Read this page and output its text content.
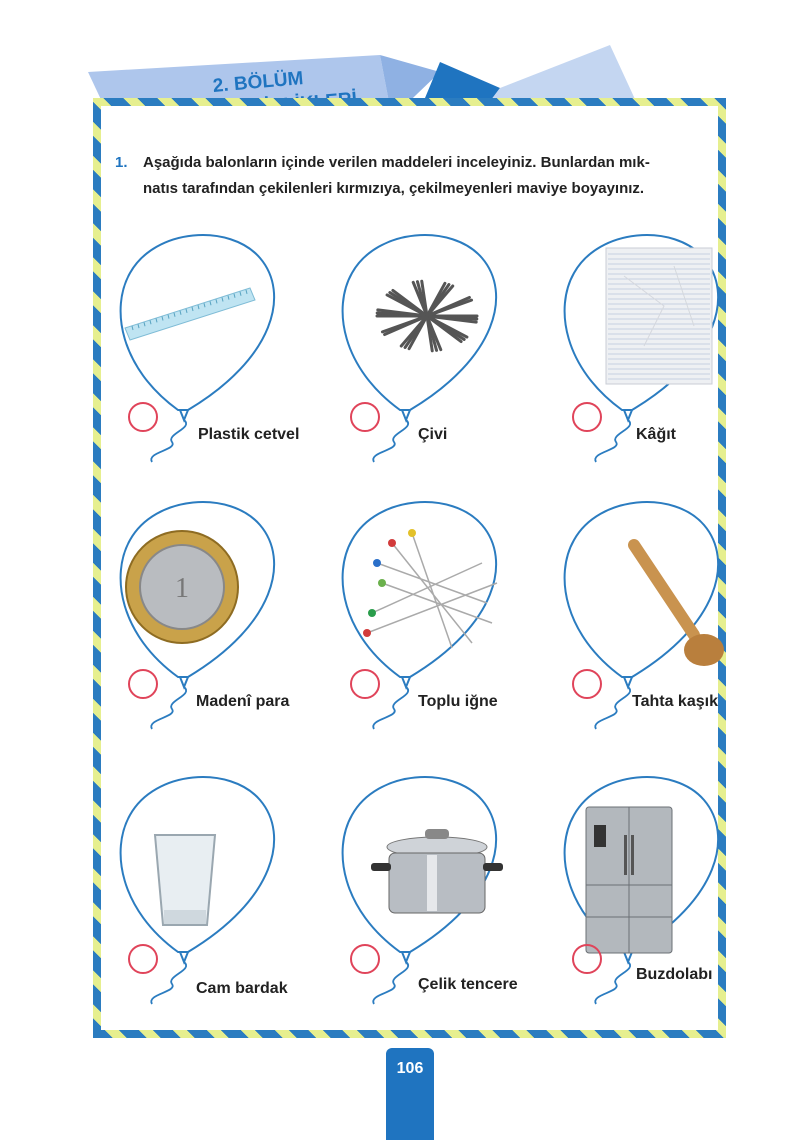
2. BÖLÜM
1. Aşağıda balonların içinde verilen maddeleri inceleyiniz. Bunlardan mık-
natıs tarafından çekilenleri kırmızıya, çekilmeyenleri maviye boyayınız.
Plastik cetvel	Çivi	Kâğıt
1
Madenî para	Toplu iğne	Tahta kaşık
Cam bardak	Çelik tencere
Buzdolabı
106
